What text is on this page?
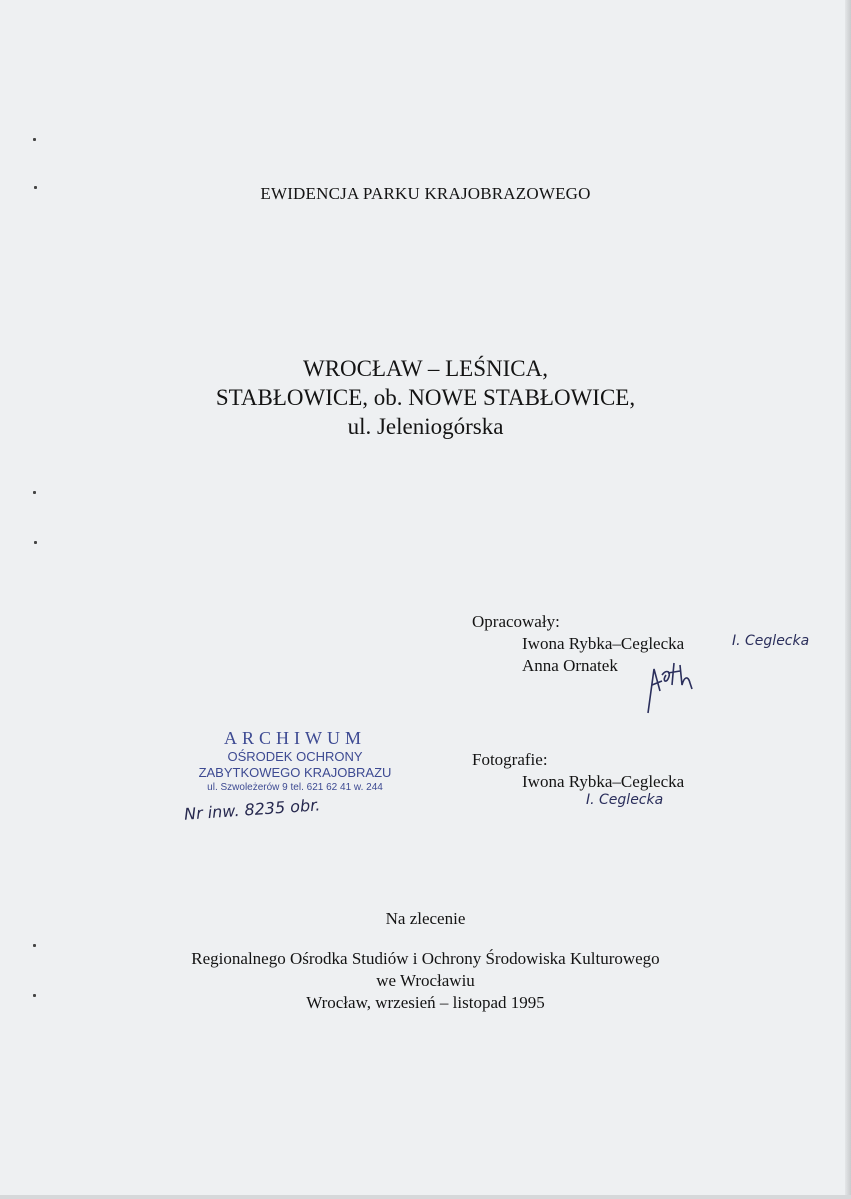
EWIDENCJA PARKU KRAJOBRAZOWEGO
WROCŁAW – LEŚNICA,
STABŁOWICE, ob. NOWE STABŁOWICE,
ul. Jeleniogórska
Opracowały:
Iwona Rybka–Ceglecka
Anna Ornatek
I. Ceglecka
ARCHIWUM
OŚRODEK OCHRONY
ZABYTKOWEGO KRAJOBRAZU
ul. Szwoleżerów 9 tel. 621 62 41 w. 244
Nr inw. 8235 obr.
Fotografie:
Iwona Rybka–Ceglecka
I. Ceglecka
Na zlecenie
Regionalnego Ośrodka Studiów i Ochrony Środowiska Kulturowego
we Wrocławiu
Wrocław, wrzesień – listopad 1995
